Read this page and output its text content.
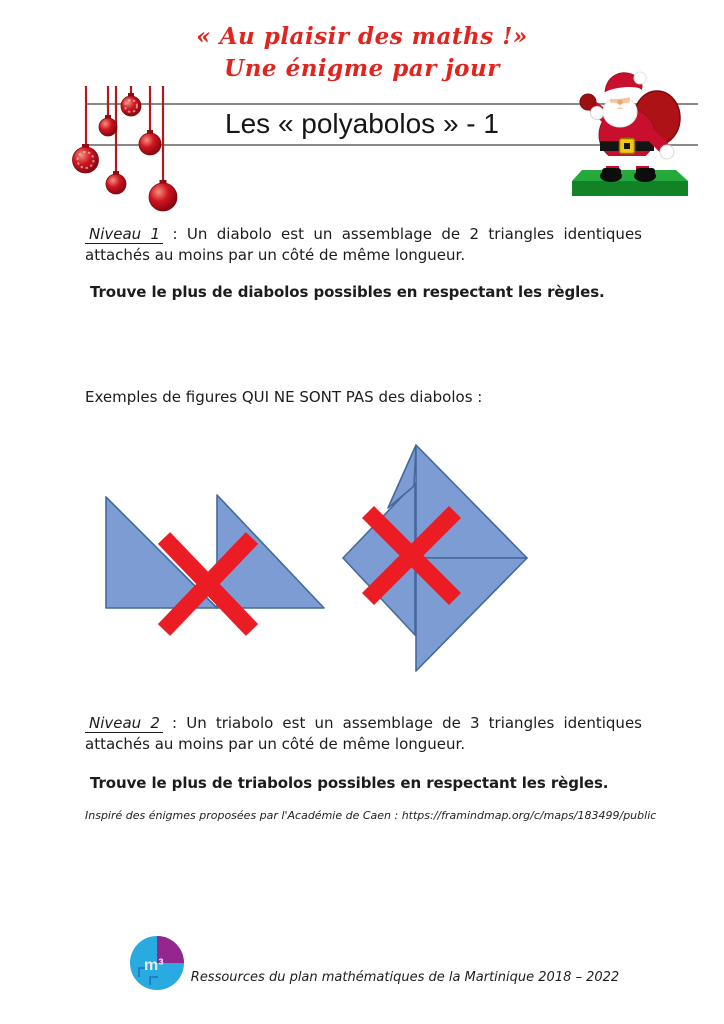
« Au plaisir des maths !»
Une énigme par jour
Les « polyabolos » - 1
Niveau 1 : Un diabolo est un assemblage de 2 triangles identiques
attachés au moins par un côté de même longueur.
Trouve le plus de diabolos possibles en respectant les règles.
Exemples de figures QUI NE SONT PAS des diabolos :
Niveau 2 : Un triabolo est un assemblage de 3 triangles identiques
attachés au moins par un côté de même longueur.
Trouve le plus de triabolos possibles en respectant les règles.
Inspiré des énigmes proposées par l'Académie de Caen : https://framindmap.org/c/maps/183499/public
m³
Ressources du plan mathématiques de la Martinique 2018 – 2022
